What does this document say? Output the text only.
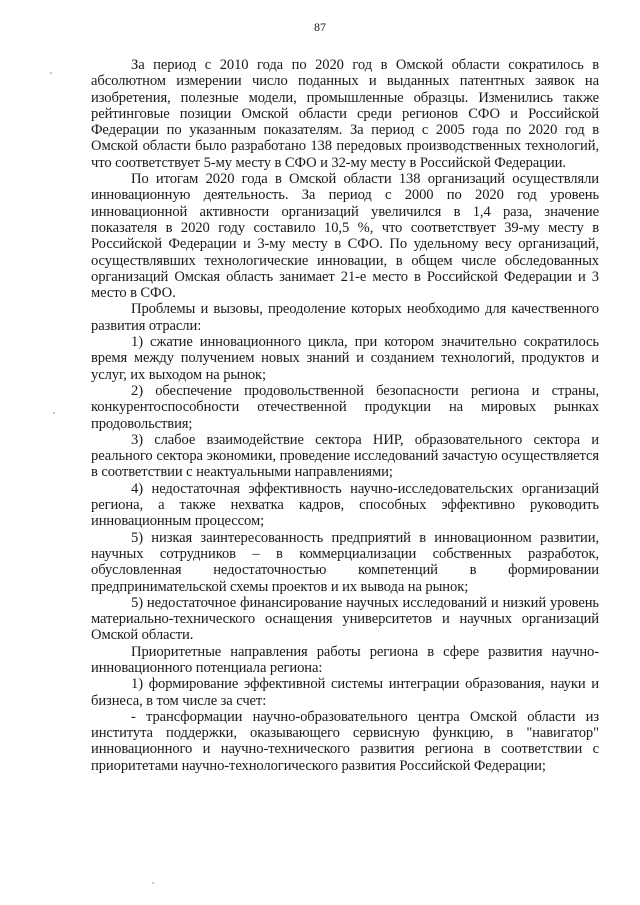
87

За период с 2010 года по 2020 год в Омской области сократилось в абсолютном измерении число поданных и выданных патентных заявок на изобретения, полезные модели, промышленные образцы. Изменились также рейтинговые позиции Омской области среди регионов СФО и Российской Федерации по указанным показателям. За период с 2005 года по 2020 год в Омской области было разработано 138 передовых производственных технологий, что соответствует 5-му месту в СФО и 32-му месту в Российской Федерации.

По итогам 2020 года в Омской области 138 организаций осуществляли инновационную деятельность. За период с 2000 по 2020 год уровень инновационной активности организаций увеличился в 1,4 раза, значение показателя в 2020 году составило 10,5 %, что соответствует 39-му месту в Российской Федерации и 3-му месту в СФО. По удельному весу организаций, осуществлявших технологические инновации, в общем числе обследованных организаций Омская область занимает 21-е место в Российской Федерации и 3 место в СФО.

Проблемы и вызовы, преодоление которых необходимо для качественного развития отрасли:

1) сжатие инновационного цикла, при котором значительно сократилось время между получением новых знаний и созданием технологий, продуктов и услуг, их выходом на рынок;

2) обеспечение продовольственной безопасности региона и страны, конкурентоспособности отечественной продукции на мировых рынках продовольствия;

3) слабое взаимодействие сектора НИР, образовательного сектора и реального сектора экономики, проведение исследований зачастую осуществляется в соответствии с неактуальными направлениями;

4) недостаточная эффективность научно-исследовательских организаций региона, а также нехватка кадров, способных эффективно руководить инновационным процессом;

5) низкая заинтересованность предприятий в инновационном развитии, научных сотрудников – в коммерциализации собственных разработок, обусловленная недостаточностью компетенций в формировании предпринимательской схемы проектов и их вывода на рынок;

5) недостаточное финансирование научных исследований и низкий уровень материально-технического оснащения университетов и научных организаций Омской области.

Приоритетные направления работы региона в сфере развития научно-инновационного потенциала региона:

1) формирование эффективной системы интеграции образования, науки и бизнеса, в том числе за счет:

- трансформации научно-образовательного центра Омской области из института поддержки, оказывающего сервисную функцию, в "навигатор" инновационного и научно-технического развития региона в соответствии с приоритетами научно-технологического развития Российской Федерации;
